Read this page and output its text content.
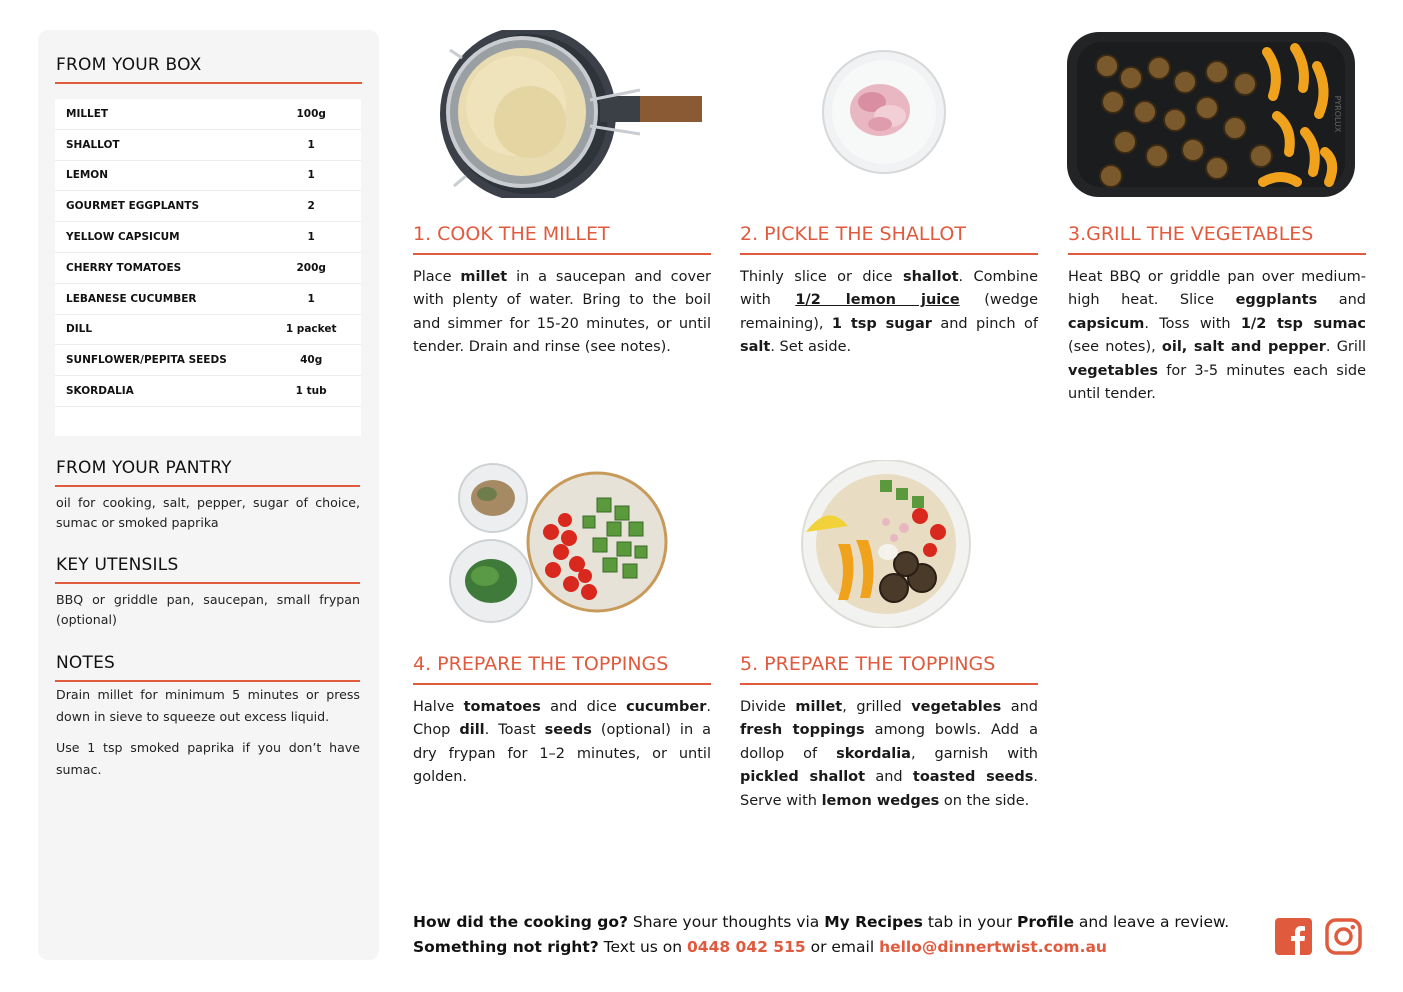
FROM YOUR BOX
MILLET	100g
SHALLOT	1
LEMON	1
GOURMET EGGPLANTS	2
YELLOW CAPSICUM	1
CHERRY TOMATOES	200g
LEBANESE CUCUMBER	1
DILL	1 packet
SUNFLOWER/PEPITA SEEDS	40g
SKORDALIA	1 tub
FROM YOUR PANTRY
oil for cooking, salt, pepper, sugar of choice, sumac or smoked paprika
KEY UTENSILS
BBQ or griddle pan, saucepan, small frypan (optional)
NOTES

Drain millet for minimum 5 minutes or press down in sieve to squeeze out excess liquid.

Use 1 tsp smoked paprika if you don’t have sumac.

PYROLUX
1. COOK THE MILLET
Place millet in a saucepan and cover with plenty of water. Bring to the boil and simmer for 15-20 minutes, or until tender. Drain and rinse (see notes).
2. PICKLE THE SHALLOT
Thinly slice or dice shallot. Combine with 1/2 lemon juice (wedge remaining), 1 tsp sugar and pinch of salt. Set aside.
3.GRILL THE VEGETABLES
Heat BBQ or griddle pan over medium-high heat. Slice eggplants and capsicum. Toss with 1/2 tsp sumac (see notes), oil, salt and pepper. Grill vegetables for 3-5 minutes each side until tender.
4. PREPARE THE TOPPINGS
Halve tomatoes and dice cucumber. Chop dill. Toast seeds (optional) in a dry frypan for 1–2 minutes, or until golden.
5. PREPARE THE TOPPINGS
Divide millet, grilled vegetables and fresh toppings among bowls. Add a dollop of skordalia, garnish with pickled shallot and toasted seeds. Serve with lemon wedges on the side.
How did the cooking go? Share your thoughts via My Recipes tab in your Profile and leave a review.
Something not right? Text us on 0448 042 515 or email hello@dinnertwist.com.au
